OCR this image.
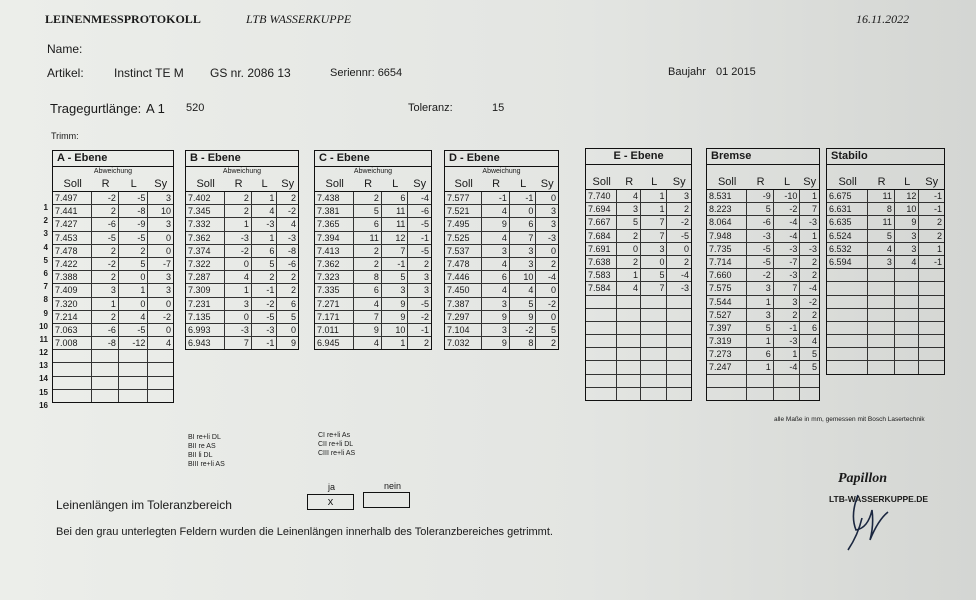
LEINENMESSPROTOKOLL	LTB WASSERKUPPE	16.11.2022
Name:
Artikel:	Instinct TE M GS nr. 2086 13	Seriennr: 6654	Baujahr 01 2015
Tragegurtlänge: A 1 520	Toleranz:	15
Trimm:
1
2
3
4
5
6
7
8
9
10
11
12
13
14
15
16
A - Ebene
Abweichung
Soll	R	L	Sy
7.497	-2	-5	3
7.441	2	-8	10
7.427	-6	-9	3
7.453	-5	-5	0
7.478	2	2	0
7.422	-2	5	-7
7.388	2	0	3
7.409	3	1	3
7.320	1	0	0
7.214	2	4	-2
7.063	-6	-5	0
7.008	-8	-12	4
B - Ebene
Abweichung
Soll	R	L	Sy
7.402	2	1	2
7.345	2	4	-2
7.332	1	-3	4
7.362	-3	1	-3
7.374	-2	6	-8
7.322	0	5	-6
7.287	4	2	2
7.309	1	-1	2
7.231	3	-2	6
7.135	0	-5	5
6.993	-3	-3	0
6.943	7	-1	9
C - Ebene
Abweichung
Soll	R	L	Sy
7.438	2	6	-4
7.381	5	11	-6
7.365	6	11	-5
7.394	11	12	-1
7.413	2	7	-5
7.362	2	-1	2
7.323	8	5	3
7.335	6	3	3
7.271	4	9	-5
7.171	7	9	-2
7.011	9	10	-1
6.945	4	1	2
D - Ebene
Abweichung
Soll	R	L	Sy
7.577	-1	-1	0
7.521	4	0	3
7.495	9	6	3
7.525	4	7	-3
7.537	3	3	0
7.478	4	3	2
7.446	6	10	-4
7.450	4	4	0
7.387	3	5	-2
7.297	9	9	0
7.104	3	-2	5
7.032	9	8	2
E - Ebene
Soll	R	L	Sy
7.740	4	1	3
7.694	3	1	2
7.667	5	7	-2
7.684	2	7	-5
7.691	0	3	0
7.638	2	0	2
7.583	1	5	-4
7.584	4	7	-3
Bremse
Soll	R	L	Sy
8.531	-9	-10	1
8.223	5	-2	7
8.064	-6	-4	-3
7.948	-3	-4	1
7.735	-5	-3	-3
7.714	-5	-7	2
7.660	-2	-3	2
7.575	3	7	-4
7.544	1	3	-2
7.527	3	2	2
7.397	5	-1	6
7.319	1	-3	4
7.273	6	1	5
7.247	1	-4	5
Stabilo
Soll	R	L	Sy
6.675	11	12	-1
6.631	8	10	-1
6.635	11	9	2
6.524	5	3	2
6.532	4	3	1
6.594	3	4	-1
BI re+li DL
BII re AS
BII li DL
BIII re+li AS
CI re+li As
CII re+li DL
CIII re+li AS
alle Maße in mm, gemessen mit Bosch Lasertechnik
ja	nein
x
Leinenlängen im Toleranzbereich
Bei den grau unterlegten Feldern wurden die Leinenlängen innerhalb des Toleranzbereiches getrimmt.
Papillon
LTB-WASSERKUPPE.DE
